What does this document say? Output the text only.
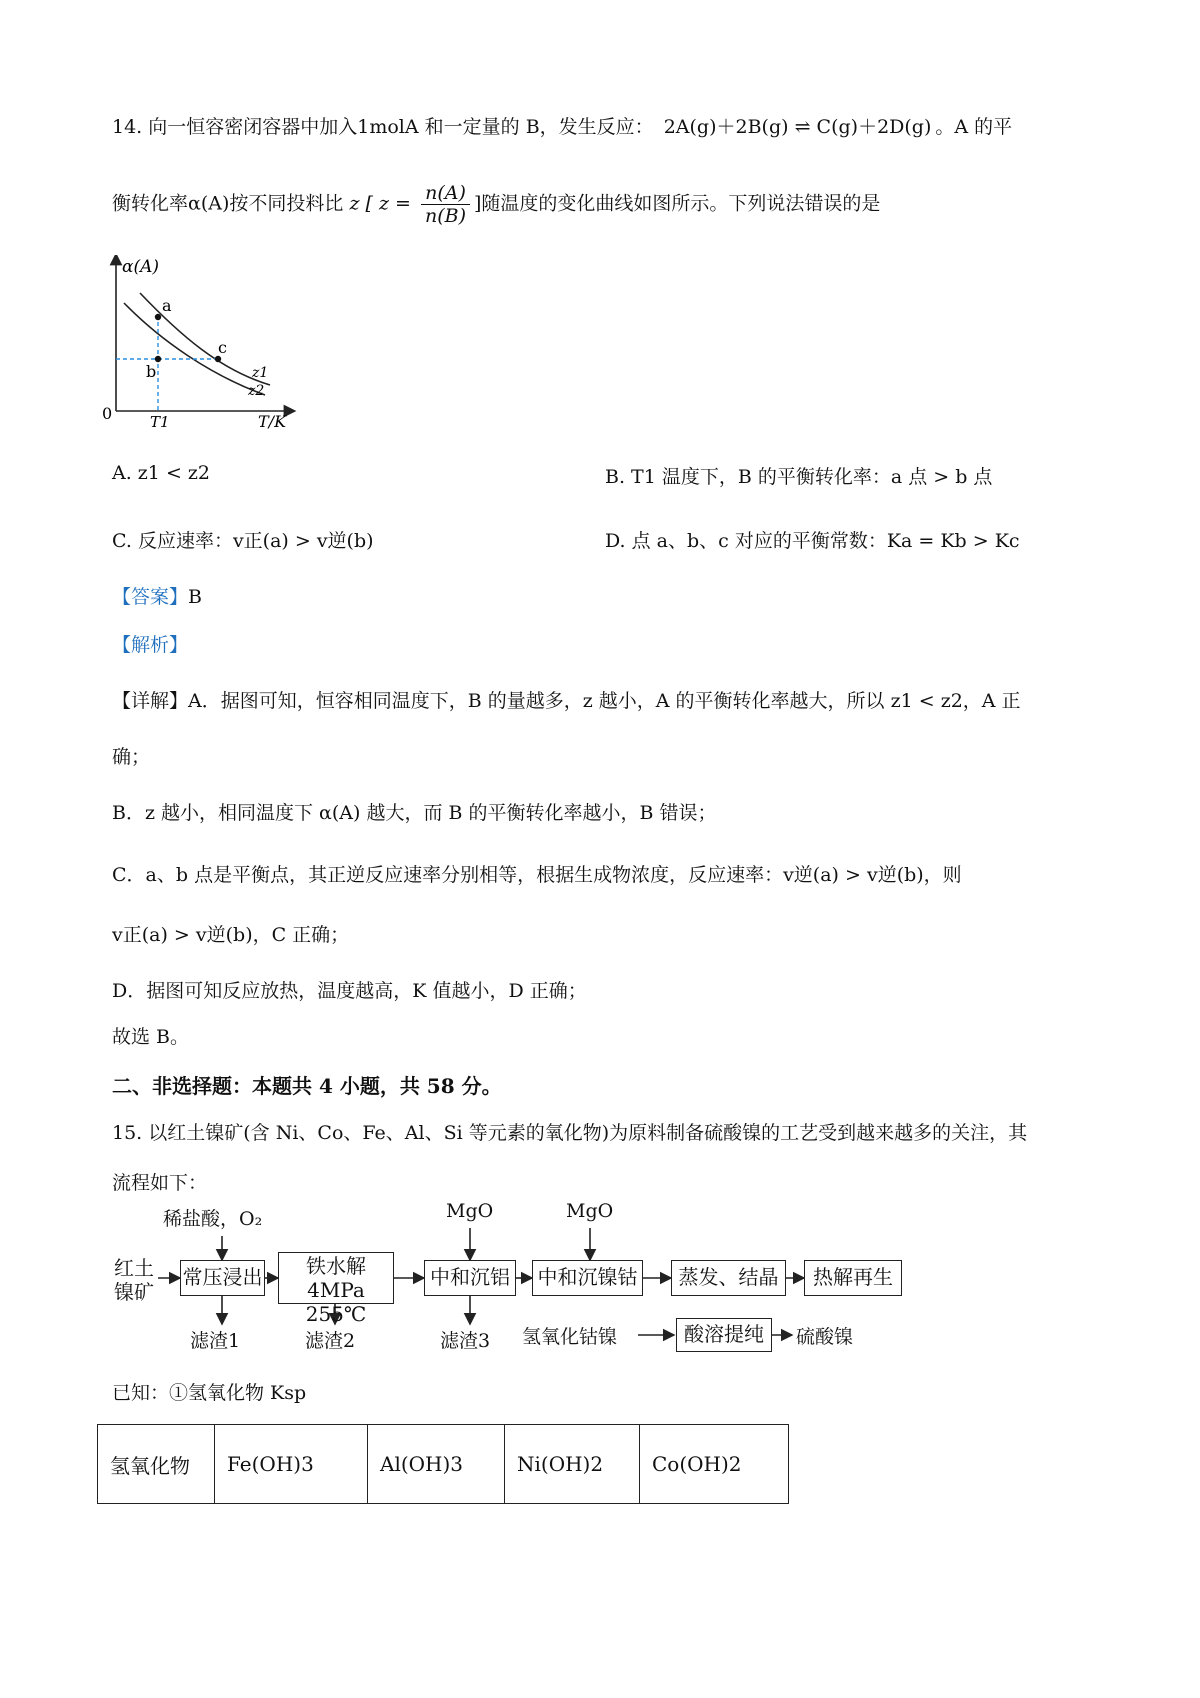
14. 向一恒容密闭容器中加入1molA 和一定量的 B，发生反应： 2A(g)＋2B(g) ⇌ C(g)＋2D(g) 。A 的平
衡转化率α(A)按不同投料比 z [ $z = \frac{n(A)}{n(B)}$ ]随温度的变化曲线如图所示。下列说法错误的是
α(A)
a
b
c
z1
z2
0	T1	T/K
A. z1 < z2	B. T1 温度下，B 的平衡转化率：a 点 > b 点
C. 反应速率：v正(a) > v逆(b)	D. 点 a、b、c 对应的平衡常数：Ka = Kb > Kc
【答案】B
【解析】
【详解】A．据图可知，恒容相同温度下，B 的量越多，z 越小，A 的平衡转化率越大，所以 z1 < z2，A 正
确；
B．z 越小，相同温度下 α(A) 越大，而 B 的平衡转化率越小，B 错误；
C．a、b 点是平衡点，其正逆反应速率分别相等，根据生成物浓度，反应速率：v逆(a) > v逆(b)，则
v正(a) > v逆(b)，C 正确；
D．据图可知反应放热，温度越高，K 值越小，D 正确；
故选 B。
二、非选择题：本题共 4 小题，共 58 分。
15. 以红土镍矿(含 Ni、Co、Fe、Al、Si 等元素的氧化物)为原料制备硫酸镍的工艺受到越来越多的关注，其
流程如下：
红土镍矿
稀盐酸，O₂
常压浸出	铁水解
4MPa 255℃
MgO	MgO
中和沉铝	中和沉镍钴	蒸发、结晶	热解再生
滤渣1	滤渣2	滤渣3 氢氧化钴镍	酸溶提纯	硫酸镍
已知：①氢氧化物 Ksp
氢氧化物	Fe(OH)3	Al(OH)3	Ni(OH)2	Co(OH)2
